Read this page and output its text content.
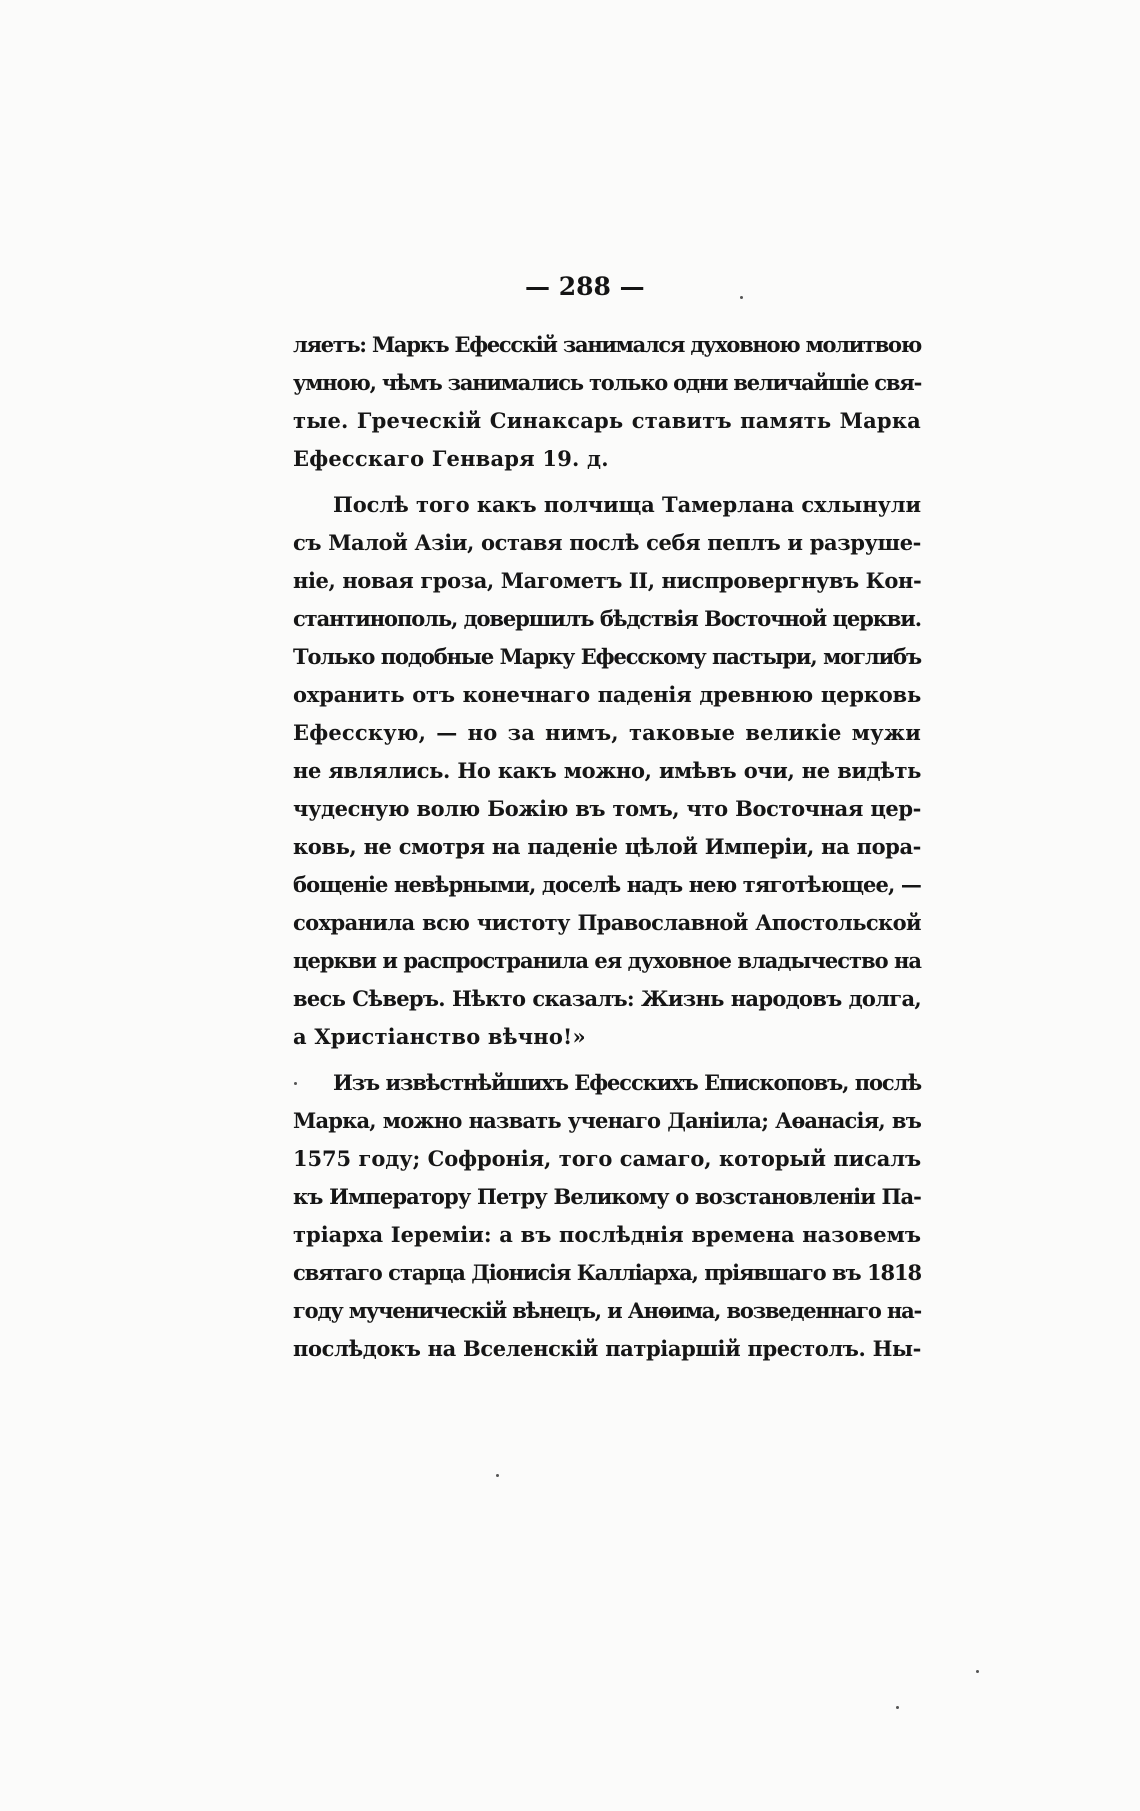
— 288 —
ляетъ: Маркъ Ефесскій занимался духовною молитвою
умною, чѣмъ занимались только одни величайшіе свя-
тые. Греческій Синаксарь ставитъ память Марка
Ефесскаго Генваря 19. д.
Послѣ того какъ полчища Тамерлана схлынули
съ Малой Азіи, оставя послѣ себя пеплъ и разруше-
ніе, новая гроза, Магометъ II, ниспровергнувъ Кон-
стантинополь, довершилъ бѣдствія Восточной церкви.
Только подобные Марку Ефесскому пастыри, моглибъ
охранить отъ конечнаго паденія древнюю церковь
Ефесскую, — но за нимъ, таковые великіе мужи
не являлись. Но какъ можно, имѣвъ очи, не видѣть
чудесную волю Божію въ томъ, что Восточная цер-
ковь, не смотря на паденіе цѣлой Имперіи, на пора-
бощеніе невѣрными, доселѣ надъ нею тяготѣющее, —
сохранила всю чистоту Православной Апостольской
церкви и распространила ея духовное владычество на
весь Сѣверъ. Нѣкто сказалъ: Жизнь народовъ долга,
а Христіанство вѣчно!»
Изъ извѣстнѣйшихъ Ефесскихъ Епископовъ, послѣ
Марка, можно назвать ученаго Даніила; Аѳанасія, въ
1575 году; Софронія, того самаго, который писалъ
къ Императору Петру Великому о возстановленіи Па-
тріарха Іереміи: а въ послѣднія времена назовемъ
святаго старца Діонисія Калліарха, пріявшаго въ 1818
году мученическій вѣнецъ, и Анѳима, возведеннаго на-
послѣдокъ на Вселенскій патріаршій престолъ. Ны-
